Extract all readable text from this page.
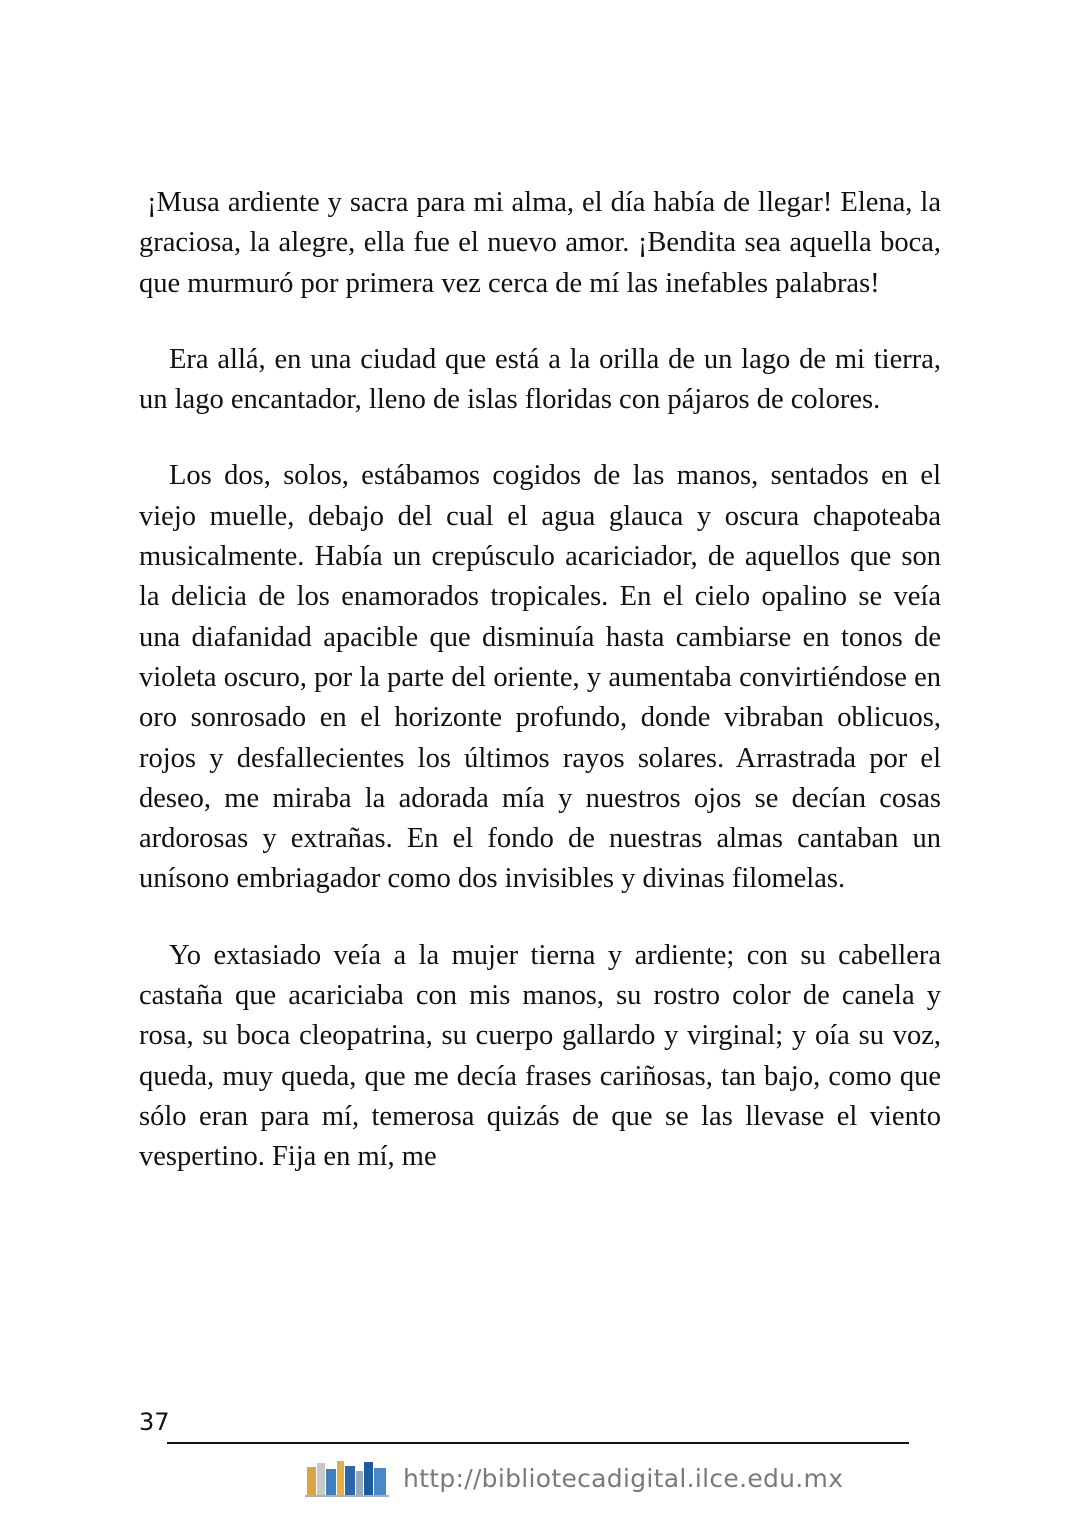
¡Musa ardiente y sacra para mi alma, el día había de llegar! Elena, la graciosa, la alegre, ella fue el nuevo amor. ¡Bendita sea aquella boca, que murmuró por primera vez cerca de mí las inefables palabras!

Era allá, en una ciudad que está a la orilla de un lago de mi tierra, un lago encantador, lleno de islas floridas con pájaros de colores.

Los dos, solos, estábamos cogidos de las manos, sentados en el viejo muelle, debajo del cual el agua glauca y oscura chapoteaba musicalmente. Había un crepúsculo acariciador, de aquellos que son la delicia de los enamorados tropicales. En el cielo opalino se veía una diafanidad apacible que disminuía hasta cambiarse en tonos de violeta oscuro, por la parte del oriente, y aumentaba convirtiéndose en oro sonrosado en el horizonte profundo, donde vibraban oblicuos, rojos y desfallecientes los últimos rayos solares. Arrastrada por el deseo, me miraba la adorada mía y nuestros ojos se decían cosas ardorosas y extrañas. En el fondo de nuestras almas cantaban un unísono embriagador como dos invisibles y divinas filomelas.

Yo extasiado veía a la mujer tierna y ardiente; con su cabellera castaña que acariciaba con mis manos, su rostro color de canela y rosa, su boca cleopatrina, su cuerpo gallardo y virginal; y oía su voz, queda, muy queda, que me decía frases cariñosas, tan bajo, como que sólo eran para mí, temerosa quizás de que se las llevase el viento vespertino. Fija en mí, me

37
http://bibliotecadigital.ilce.edu.mx
